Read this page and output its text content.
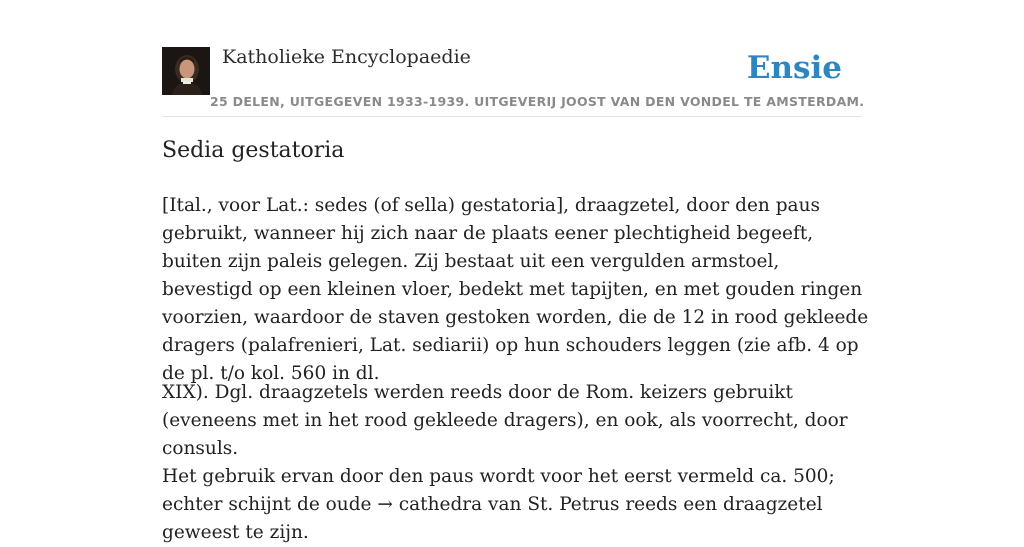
Katholieke Encyclopaedie
25 DELEN, UITGEGEVEN 1933-1939. UITGEVERIJ JOOST VAN DEN VONDEL TE AMSTERDAM.
Ensie
Sedia gestatoria

[Ital., voor Lat.: sedes (of sella) gestatoria], draagzetel, door den paus gebruikt, wanneer hij zich naar de plaats eener plechtigheid begeeft, buiten zijn paleis gelegen. Zij bestaat uit een vergulden armstoel, bevestigd op een kleinen vloer, bedekt met tapijten, en met gouden ringen voorzien, waardoor de staven gestoken worden, die de 12 in rood gekleede dragers (palafrenieri, Lat. sediarii) op hun schouders leggen (zie afb. 4 op de pl. t/o kol. 560 in dl.

XIX). Dgl. draagzetels werden reeds door de Rom. keizers gebruikt (eveneens met in het rood gekleede dragers), en ook, als voorrecht, door consuls.

Het gebruik ervan door den paus wordt voor het eerst vermeld ca. 500; echter schijnt de oude → cathedra van St. Petrus reeds een draagzetel geweest te zijn.
